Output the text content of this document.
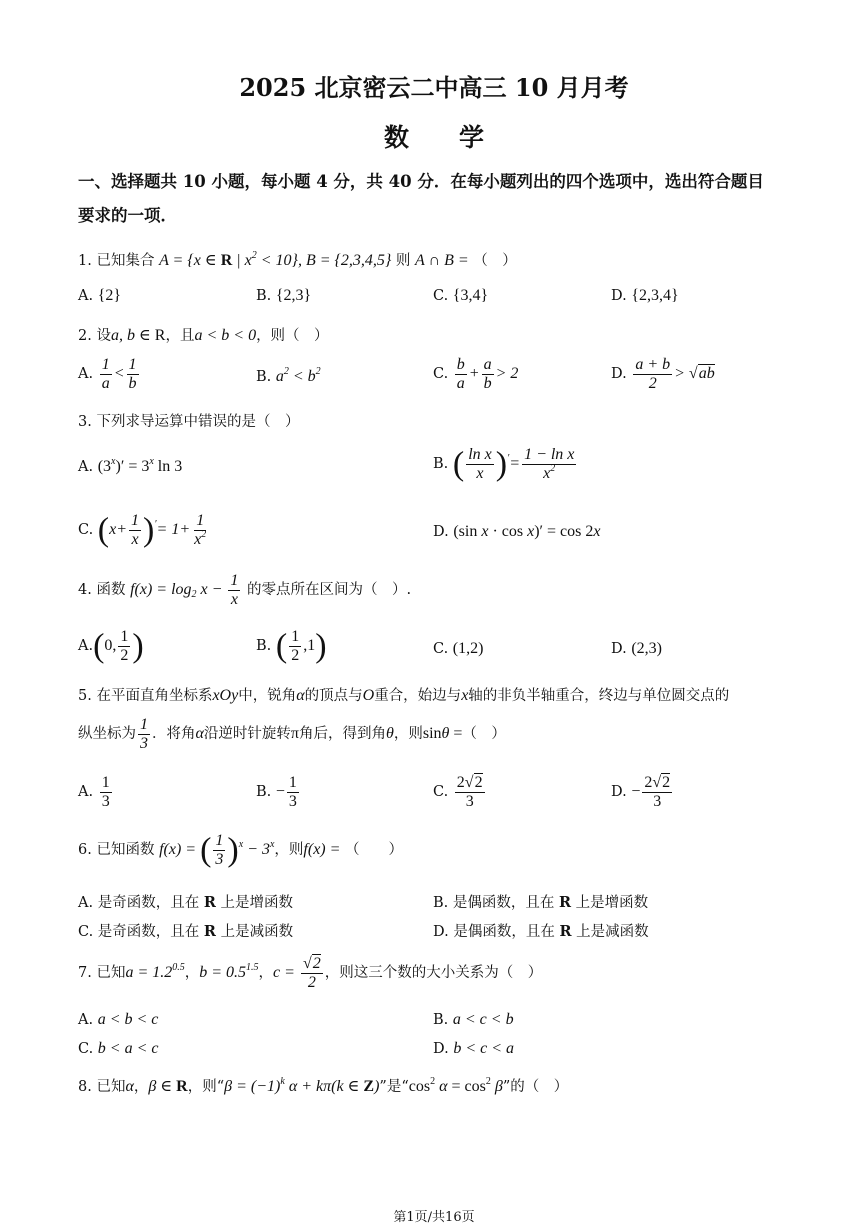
2025 北京密云二中高三 10 月月考
数　　学
一、选择题共 10 小题，每小题 4 分，共 40 分．在每小题列出的四个选项中，选出符合题目
要求的一项．
1. 已知集合 A = {x ∈ R | $x^2 < 10$}, B = {2,3,4,5} 则 A ∩ B = （　）
A. {2}	B. {2,3}	C. {3,4}	D. {2,3,4}
2. 设a, b ∈ R，且a < b < 0，则（　）
A. $\frac{1}{a} < \frac{1}{b}$	B. $a^2 < b^2$	C. $\frac{b}{a} + \frac{a}{b} > 2$	D. $\frac{a + b}{2} > √ab$
3. 下列求导运算中错误的是（　）
A. $(3^x)' = 3^x$ ln 3	B. ( $\frac{\text{ln x}}{x} )'= \frac{\text{1 − ln x}}{x^2}$
C. $(x+ \frac{1}{x} )'= 1+ \frac{1}{x^2}$	D. (sin x · cos x)′ = cos 2x
4. 函数 $f(x) = \log_2 x - \frac{1}{x}$ 的零点所在区间为（　）.
A.(0, $\frac{1}{2}$ )	B. ( $\frac{1}{2} ,1$)	C. (1,2)	D. (2,3)
5. 在平面直角坐标系xOy中，锐角α的顶点与O重合，始边与x轴的非负半轴重合，终边与单位圆交点的
纵坐标为 $\frac{1}{3}$ ．将角α沿逆时针旋转π角后，得到角θ，则sinθ =（　）
A. $\frac{1}{3}$	B. − $\frac{1}{3}$	C. $\frac{2√2}{3}$	D. − $\frac{2√2}{3}$
6. 已知函数 f(x) = ( $\frac{1}{3} )^x - 3^x$，则f(x) = （　　）
A. 是奇函数，且在 R 上是增函数	B. 是偶函数，且在 R 上是增函数
C. 是奇函数，且在 R 上是减函数	D. 是偶函数，且在 R 上是减函数
7. 已知$a = 1.2^{0.5}$，$b = 0.5^{1.5}$，$c = \frac{√2}{2}$ ，则这三个数的大小关系为（　）
A. a < b < c	B. a < c < b
C. b < a < c	D. b < c < a
8. 已知α，β ∈ R，则“$\beta = (-1)^k$ α + kπ(k ∈ Z)”是“$\cos^2$ $\alpha = \cos^2 \beta$”的（　）
第1页/共16页
